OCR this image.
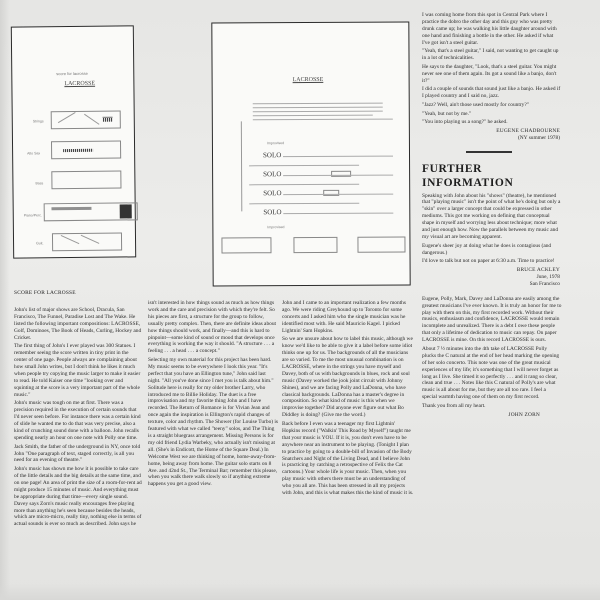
score for lacrosse
LACROSSE
Strings
Alto Sax
Bass
Piano/Perc.
Guit.
LACROSSE
Improvised
SOLO
SOLO
SOLO
SOLO
Improvised
SCORE FOR LACROSSE

John's list of major shows are School, Dracula, San Francisco, The Funnel, Paradise Lost and The Wake. He listed the following important compositions: LACROSSE, Golf, Dominoes, The Book of Heads, Curling, Hockey and Cricket.

The first thing of John's I ever played was 300 Statues. I remember seeing the score written in tiny print in the center of one page. People always are complaining about how small John writes, but I don't think he likes it much when people try copying the music larger to make it easier to read. He told Kaiser one time "looking over and squinting at the score is a very important part of the whole music."

John's music was tough on me at first. There was a precision required in the execution of certain sounds that I'd never seen before. For instance there was a certain kind of slide he wanted me to do that was very precise, also a kind of crunching sound done with a balloon. John recalls spending nearly an hour on one note with Polly one time.

Jack Smith, the father of the underground in NY, once told John "One paragraph of text, staged correctly, is all you need for an evening of theatre."

John's music has shown me how it is possible to take care of the little details and the big details at the same time, and on one page! An area of print the size of a room-for-rent ad might produce 15 minutes of music. And everything must be appropriate during that time—every single sound. Davey says Zorn's music really encourages free playing more than anything he's seen because besides the heads, which are micro-micro, really tiny, nothing else in terms of actual sounds is ever so much as described. John says he

isn't interested in how things sound as much as how things work and the care and precision with which they're felt. So his pieces are first, a structure for the group to follow, usually pretty complex. Then, there are definite ideas about how things should work, and finally—and this is hard to pinpoint—some kind of sound or mood that develops once everything is working the way it should. "A structure . . . a feeling . . . a head . . . a concept."

Selecting my own material for this project has been hard. My music seems to be everywhere I look this year. "It's perfect that you have an Ellington tune," John said last night. "All you've done since I met you is talk about him." Solitude here is really for my older brother Larry, who introduced me to Billie Holiday. The duet is a free improvisation and my favorite thing John and I have recorded. The Return of Romance is for Vivian Jean and once again the inspiration is Ellington's rapid changes of texture, color and rhythm. The Shower (for Louise Turbo) is featured with what we called "teeny" solos, and The Thing is a straight bluegrass arrangement. Missing Persons is for my old friend Lydia Warbeky, who actually isn't missing at all. (She's in Endicott, the Home of the Square Deal.) In Welcome West we are thinking of home, home-away-from-home, being away from home. The guitar solo starts on 8 Ave. and 42nd St., The Terminal Bar; remember this please, when you walk there walk slowly so if anything extreme happens you get a good view.

John and I came to an important realization a few months ago. We were riding Greyhound up to Toronto for some concerts and I asked him who the single musician was he identified most with. He said Mauricio Kagel. I picked Lightnin' Sam Hopkins.

So we are unsure about how to label this music, although we know we'd like to be able to give it a label before some idiot thinks one up for us. The backgrounds of all the musicians are so varied. To me the most unusual combination is on LACROSSE, where in the strings you have myself and Davey, both of us with backgrounds in blues, rock and soul music (Davey worked the jook joint circuit with Johnny Shines), and we are facing Polly and LaDonna, who have classical backgrounds. LaDonna has a master's degree in composition. So what kind of music is this when we improvise together? Did anyone ever figure out what Bo Diddley is doing? (Give me the word.)

Back before I even was a teenager my first Lightnin' Hopkins record ("Walkin' This Road by Myself") taught me that your music is YOU. If it is, you don't even have to be anywhere near an instrument to be playing. (Tonight I plan to practice by going to a double-bill of Invasion of the Body Snatchers and Night of the Living Dead, and I believe John is practicing by catching a retrospective of Felix the Cat cartoons.) Your whole life is your music. Then, when you play music with others there must be an understanding of who you all are. This has been stressed in all my projects with John, and this is what makes this the kind of music it is.

I was coming home from this spot in Central Park where I practice the dobro the other day and this guy who was pretty drunk came up; he was walking his little daughter around with one hand and finishing a bottle in the other. He asked if what I've got isn't a steel guitar.

"Yeah, that's a steel guitar," I said, not wanting to get caught up in a lot of technicalities.

He says to the daughter, "Look, that's a steel guitar. You might never see one of them again. Its got a sound like a banjo, don't it?"

I did a couple of sounds that sound just like a banjo. He asked if I played country and I said no, jazz.

"Jazz? Well, ain't those used mostly for country?"

"Yeah, but not by me."

"You into playing us a song?" he asked.

EUGENE CHADBOURNE
(NY summer 1978)
FURTHER INFORMATION

Speaking with John about his "shows" (theatre), he mentioned that "playing music" isn't the point of what he's doing but only a "skin" over a larger concept that could be expressed in other mediums. This got me working on defining that conceptual shape in myself and worrying less about technique; more what and just enough how. Now the parallels between my music and my visual art are becoming apparent.

Eugene's sheer joy at doing what he does is contagious (and dangerous.)

I'd love to talk but not on paper at 6:30 a.m. Time to practice!

BRUCE ACKLEY
June, 1978
San Francisco

Eugene, Polly, Mark, Davey and LaDonna are easily among the greatest musicians I've ever known. It is truly an honor for me to play with them on this, my first recorded work. Without their musics, enthusiasm and confidence, LACROSSE would remain incomplete and unrealized. There is a debt I owe these people that only a lifetime of dedication to music can repay. On paper LACROSSE is mine. On this record LACROSSE is ours.

About 7 ½ minutes into the 4th take of LACROSSE Polly plucks the C natural at the end of her head marking the opening of her solo concerto. This note was one of the great musical experiences of my life; it's something that I will never forget as long as I live. She timed it so perfectly . . . and it rang so clear, clean and true . . . Notes like this C natural of Polly's are what music is all about for me, but they are all too rare. I feel a special warmth having one of them on my first record.

Thank you from all my heart.

JOHN ZORN
